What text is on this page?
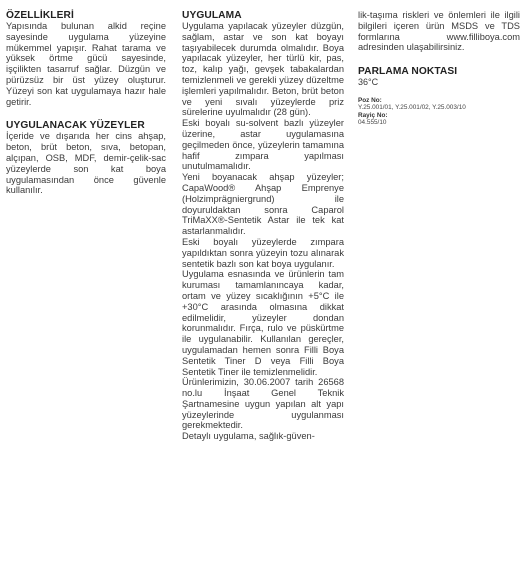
ÖZELLİKLERİ

Yapısında bulunan alkid reçine sayesinde uygulama yüzeyine mükemmel yapışır. Rahat tarama ve yüksek örtme gücü sayesinde, işçilikten tasarruf sağlar. Düzgün ve pürüzsüz bir üst yüzey oluşturur. Yüzeyi son kat uygulamaya hazır hale getirir.

UYGULANACAK YÜZEYLER

İçeride ve dışarıda her cins ahşap, beton, brüt beton, sıva, betopan, alçıpan, OSB, MDF, demir-çelik-sac yüzeylerde son kat boya uygulamasından önce güvenle kullanılır.

UYGULAMA

Uygulama yapılacak yüzeyler düzgün, sağlam, astar ve son kat boyayı taşıyabilecek durumda olmalıdır. Boya yapılacak yüzeyler, her türlü kir, pas, toz, kalıp yağı, gevşek tabakalardan temizlenmeli ve gerekli yüzey düzeltme işlemleri yapılmalıdır. Beton, brüt beton ve yeni sıvalı yüzeylerde priz sürelerine uyulmalıdır (28 gün).

Eski boyalı su-solvent bazlı yüzeyler üzerine, astar uygulamasına geçilmeden önce, yüzeylerin tamamına hafif zımpara yapılması unutulmamalıdır.

Yeni boyanacak ahşap yüzeyler; CapaWood® Ahşap Emprenye (Holzimprägniergrund) ile doyuruldaktan sonra Caparol TriMaXX®-Sentetik Astar ile tek kat astarlanmalıdır.

Eski boyalı yüzeylerde zımpara yapıldıktan sonra yüzeyin tozu alınarak sentetik bazlı son kat boya uygulanır.

Uygulama esnasında ve ürünlerin tam kuruması tamamlanıncaya kadar, ortam ve yüzey sıcaklığının +5°C ile +30°C arasında olmasına dikkat edilmelidir, yüzeyler dondan korunmalıdır. Fırça, rulo ve püskürtme ile uygulanabilir. Kullanılan gereçler, uygulamadan hemen sonra Filli Boya Sentetik Tiner D veya Filli Boya Sentetik Tiner ile temizlenmelidir.

Ürünlerimizin, 30.06.2007 tarih 26568 no.lu İnşaat Genel Teknik Şartnamesine uygun yapılan alt yapı yüzeylerinde uygulanması gerekmektedir.

Detaylı uygulama, sağlık-güven-

lik-taşıma riskleri ve önlemleri ile ilgili bilgileri içeren ürün MSDS ve TDS formlarına www.filliboya.com adresinden ulaşabilirsiniz.

PARLAMA NOKTASI
36°C
Poz No:
Y.25.001/01, Y.25.001/02, Y.25.003/10
Rayiç No:
04.555/10
